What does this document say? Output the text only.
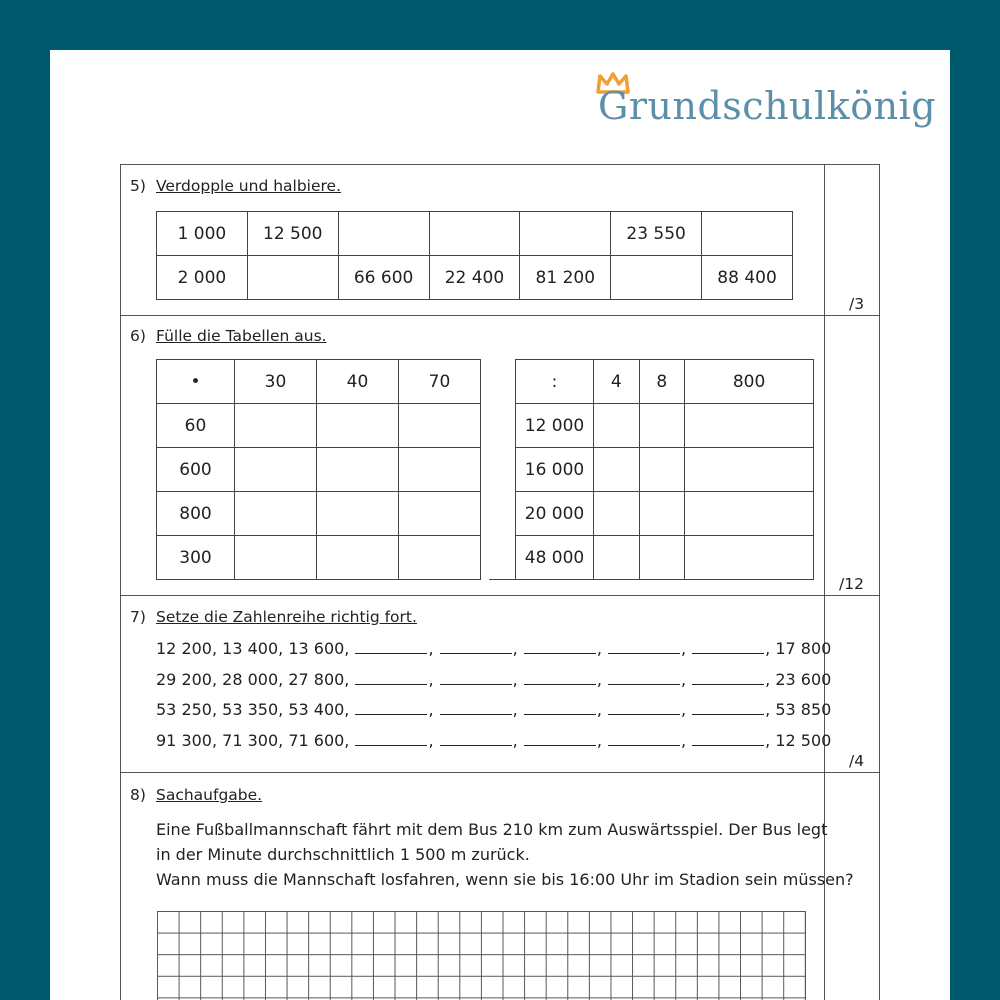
Grundschulkönig
5) Verdopple und halbiere.
1 000	12 500				23 550	
2 000		66 600	22 400	81 200		88 400
/3
6) Fülle die Tabellen aus.
•	30	40	70
60			
600			
800			
300			
:	4	8	800
12 000			
16 000			
20 000			
48 000			
/12
7) Setze die Zahlenreihe richtig fort.
12 200, 13 400, 13 600,	,	,	,	,	, 17 800
29 200, 28 000, 27 800,	,	,	,	,	, 23 600
53 250, 53 350, 53 400,	,	,	,	,	, 53 850
91 300, 71 300, 71 600,	,	,	,	,	, 12 500
/4
8) Sachaufgabe.
Eine Fußballmannschaft fährt mit dem Bus 210 km zum Auswärtsspiel. Der Bus legt
in der Minute durchschnittlich 1 500 m zurück.
Wann muss die Mannschaft losfahren, wenn sie bis 16:00 Uhr im Stadion sein müssen?
